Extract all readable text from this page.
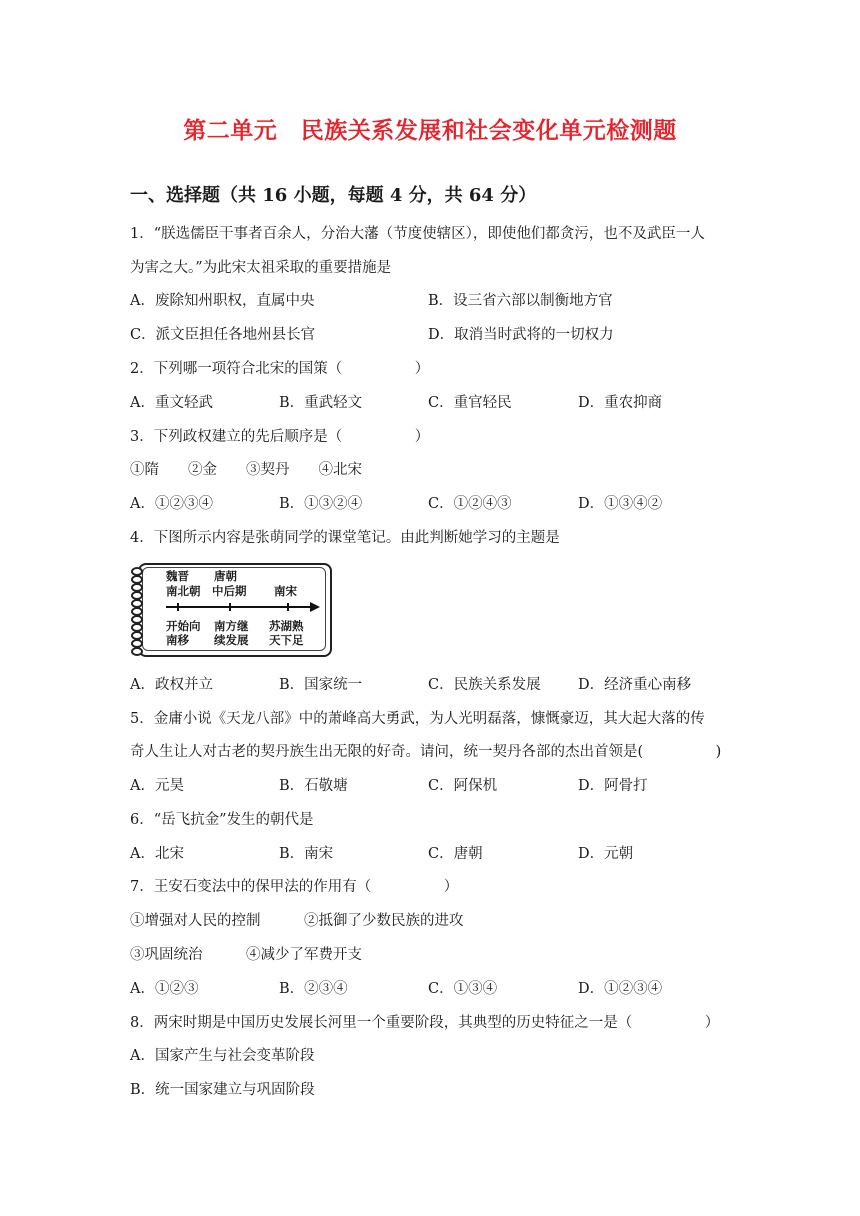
第二单元　民族关系发展和社会变化单元检测题
一、选择题（共 16 小题，每题 4 分，共 64 分）
1．“朕选儒臣干事者百余人，分治大藩（节度使辖区），即使他们都贪污，也不及武臣一人
为害之大。”为此宋太祖采取的重要措施是
A．废除知州职权，直属中央	B．设三省六部以制衡地方官
C．派文臣担任各地州县长官	D．取消当时武将的一切权力
2．下列哪一项符合北宋的国策（　　　　　）
A．重文轻武	B．重武轻文	C．重官轻民	D．重农抑商
3．下列政权建立的先后顺序是（　　　　　）
①隋　　②金　　③契丹　　④北宋
A．①②③④	B．①③②④	C．①②④③	D．①③④②
4．下图所示内容是张萌同学的课堂笔记。由此判断她学习的主题是
魏晋
南北朝
唐朝
中后期 南宋
开始向
南移
南方继
续发展
苏湖熟
天下足
A．政权并立	B．国家统一	C．民族关系发展	D．经济重心南移
5．金庸小说《天龙八部》中的萧峰高大勇武，为人光明磊落，慷慨豪迈，其大起大落的传
奇人生让人对古老的契丹族生出无限的好奇。请问，统一契丹各部的杰出首领是(　　　　　)
A．元昊	B．石敬塘	C．阿保机	D．阿骨打
6．“岳飞抗金”发生的朝代是
A．北宋	B．南宋	C．唐朝	D．元朝
7．王安石变法中的保甲法的作用有（　　　　　）
①增强对人民的控制　　　②抵御了少数民族的进攻
③巩固统治　　　④减少了军费开支
A．①②③	B．②③④	C．①③④	D．①②③④
8．两宋时期是中国历史发展长河里一个重要阶段，其典型的历史特征之一是（　　　　　）
A．国家产生与社会变革阶段
B．统一国家建立与巩固阶段
